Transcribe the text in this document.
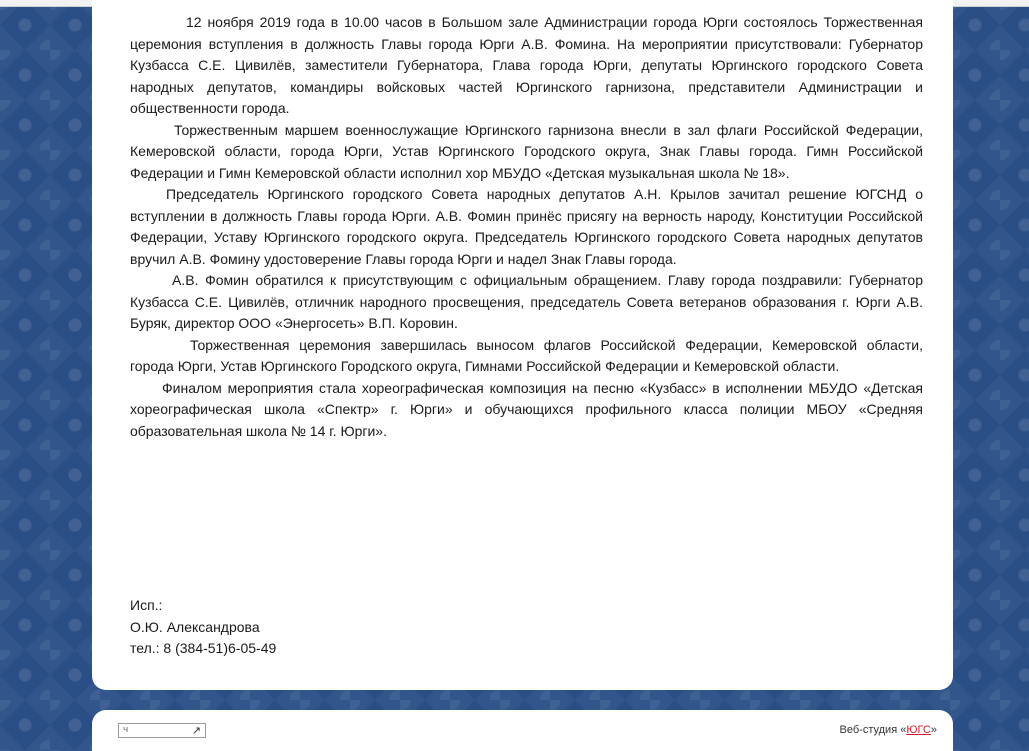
12 ноября 2019 года в 10.00 часов в Большом зале Администрации города Юрги состоялось Торжественная церемония вступления в должность Главы города Юрги А.В. Фомина. На мероприятии присутствовали: Губернатор Кузбасса С.Е. Цивилёв, заместители Губернатора, Глава города Юрги, депутаты Юргинского городского Совета народных депутатов, командиры войсковых частей Юргинского гарнизона, представители Администрации и общественности города.

Торжественным маршем военнослужащие Юргинского гарнизона внесли в зал флаги Российской Федерации, Кемеровской области, города Юрги, Устав Юргинского Городского округа, Знак Главы города. Гимн Российской Федерации и Гимн Кемеровской области исполнил хор МБУДО «Детская музыкальная школа № 18».

Председатель Юргинского городского Совета народных депутатов А.Н. Крылов зачитал решение ЮГСНД о вступлении в должность Главы города Юрги. А.В. Фомин принёс присягу на верность народу, Конституции Российской Федерации, Уставу Юргинского городского округа. Председатель Юргинского городского Совета народных депутатов вручил А.В. Фомину удостоверение Главы города Юрги и надел Знак Главы города.

А.В. Фомин обратился к присутствующим с официальным обращением. Главу города поздравили: Губернатор Кузбасса С.Е. Цивилёв, отличник народного просвещения, председатель Совета ветеранов образования г. Юрги А.В. Буряк, директор ООО «Энергосеть» В.П. Коровин.

Торжественная церемония завершилась выносом флагов Российской Федерации, Кемеровской области, города Юрги, Устав Юргинского Городского округа, Гимнами Российской Федерации и Кемеровской области.

Финалом мероприятия стала хореографическая композиция на песню «Кузбасс» в исполнении МБУДО «Детская хореографическая школа «Спектр» г. Юрги» и обучающихся профильного класса полиции МБОУ «Средняя образовательная школа № 14 г. Юрги».

Исп.:
О.Ю. Александрова
тел.: 8 (384-51)6-05-49
ч	↗	Веб-студия «ЮГС»
